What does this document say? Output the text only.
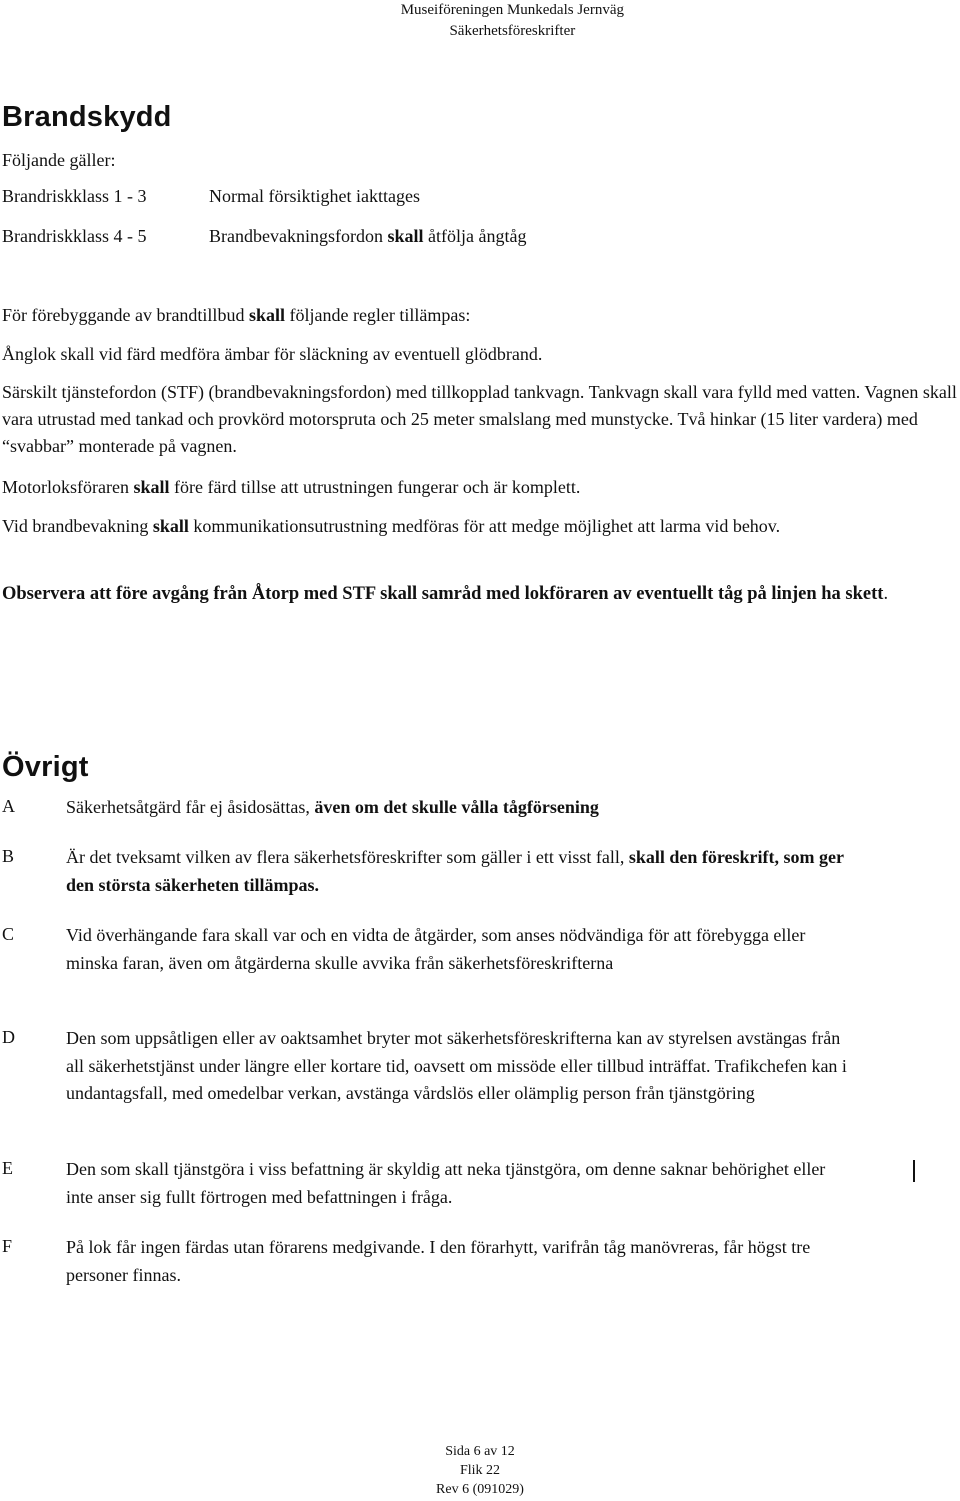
Museiföreningen Munkedals Jernväg
Säkerhetsföreskrifter
Brandskydd
Följande gäller:
Brandriskklass 1 - 3	Normal försiktighet iakttages
Brandriskklass 4 - 5	Brandbevakningsfordon skall åtfölja ångtåg
För förebyggande av brandtillbud skall följande regler tillämpas:
Ånglok skall vid färd medföra ämbar för släckning av eventuell glödbrand.
Särskilt tjänstefordon (STF) (brandbevakningsfordon) med tillkopplad tankvagn. Tankvagn skall vara fylld med vatten. Vagnen skall vara utrustad med tankad och provkörd motorspruta och 25 meter smalslang med munstycke. Två hinkar (15 liter vardera) med “svabbar” monterade på vagnen.
Motorloksföraren skall före färd tillse att utrustningen fungerar och är komplett.
Vid brandbevakning skall kommunikationsutrustning medföras för att medge möjlighet att larma vid behov.
Observera att före avgång från Åtorp med STF skall samråd med lokföraren av eventuellt tåg på linjen ha skett.
Övrigt
A	Säkerhetsåtgärd får ej åsidosättas, även om det skulle vålla tågförsening
B	Är det tveksamt vilken av flera säkerhetsföreskrifter som gäller i ett visst fall, skall den föreskrift, som ger den största säkerheten tillämpas.
C	Vid överhängande fara skall var och en vidta de åtgärder, som anses nödvändiga för att förebygga eller minska faran, även om åtgärderna skulle avvika från säkerhetsföreskrifterna
D	Den som uppsåtligen eller av oaktsamhet bryter mot säkerhetsföreskrifterna kan av styrelsen avstängas från all säkerhetstjänst under längre eller kortare tid, oavsett om missöde eller tillbud inträffat. Trafikchefen kan i undantagsfall, med omedelbar verkan, avstänga vårdslös eller olämplig person från tjänstgöring
E	Den som skall tjänstgöra i viss befattning är skyldig att neka tjänstgöra, om denne saknar behörighet eller inte anser sig fullt förtrogen med befattningen i fråga.
F	På lok får ingen färdas utan förarens medgivande. I den förarhytt, varifrån tåg manövreras, får högst tre personer finnas.
Sida 6 av 12
Flik 22
Rev 6 (091029)
